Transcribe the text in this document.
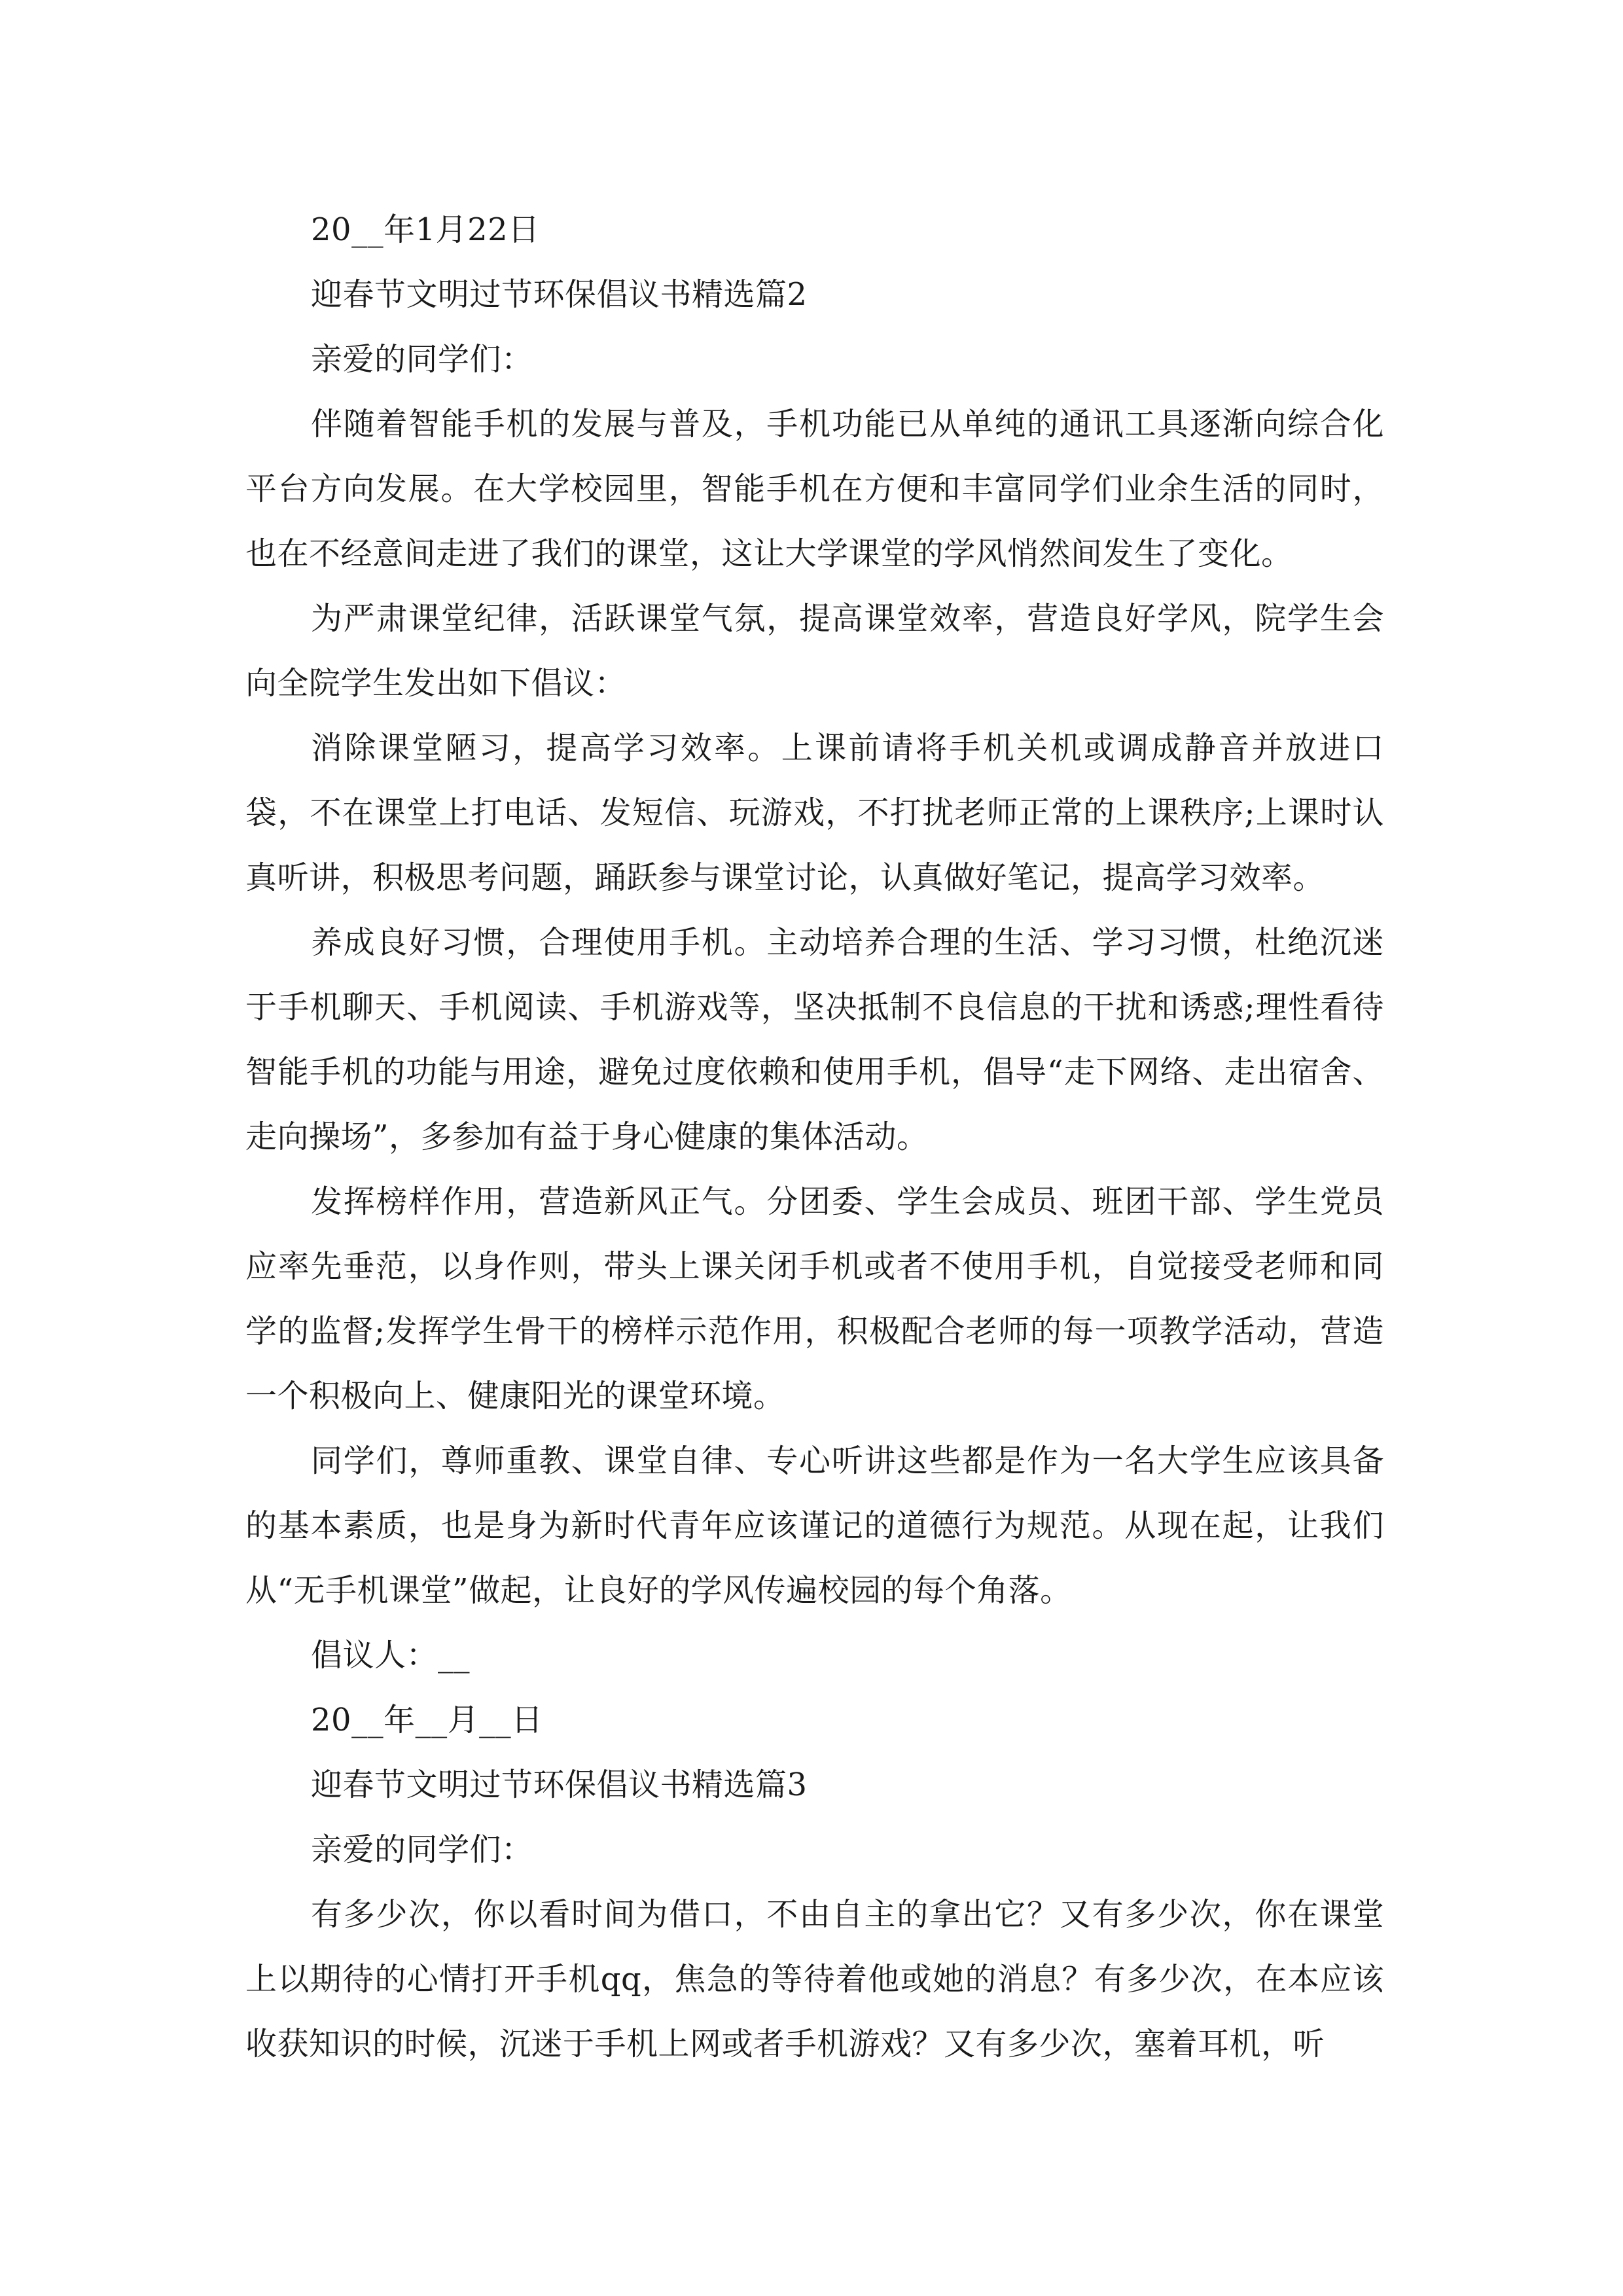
20__年1月22日

迎春节文明过节环保倡议书精选篇2

亲爱的同学们：

伴随着智能手机的发展与普及，手机功能已从单纯的通讯工具逐渐向综合化平台方向发展。在大学校园里，智能手机在方便和丰富同学们业余生活的同时，也在不经意间走进了我们的课堂，这让大学课堂的学风悄然间发生了变化。

为严肃课堂纪律，活跃课堂气氛，提高课堂效率，营造良好学风，院学生会向全院学生发出如下倡议：

消除课堂陋习，提高学习效率。上课前请将手机关机或调成静音并放进口袋，不在课堂上打电话、发短信、玩游戏，不打扰老师正常的上课秩序;上课时认真听讲，积极思考问题，踊跃参与课堂讨论，认真做好笔记，提高学习效率。

养成良好习惯，合理使用手机。主动培养合理的生活、学习习惯，杜绝沉迷于手机聊天、手机阅读、手机游戏等，坚决抵制不良信息的干扰和诱惑;理性看待智能手机的功能与用途，避免过度依赖和使用手机，倡导“走下网络、走出宿舍、走向操场”，多参加有益于身心健康的集体活动。

发挥榜样作用，营造新风正气。分团委、学生会成员、班团干部、学生党员应率先垂范，以身作则，带头上课关闭手机或者不使用手机，自觉接受老师和同学的监督;发挥学生骨干的榜样示范作用，积极配合老师的每一项教学活动，营造一个积极向上、健康阳光的课堂环境。

同学们，尊师重教、课堂自律、专心听讲这些都是作为一名大学生应该具备的基本素质，也是身为新时代青年应该谨记的道德行为规范。从现在起，让我们从“无手机课堂”做起，让良好的学风传遍校园的每个角落。

倡议人：__

20__年__月__日

迎春节文明过节环保倡议书精选篇3

亲爱的同学们：

有多少次，你以看时间为借口，不由自主的拿出它？又有多少次，你在课堂上以期待的心情打开手机qq，焦急的等待着他或她的消息？有多少次，在本应该收获知识的时候，沉迷于手机上网或者手机游戏？又有多少次，塞着耳机，听
